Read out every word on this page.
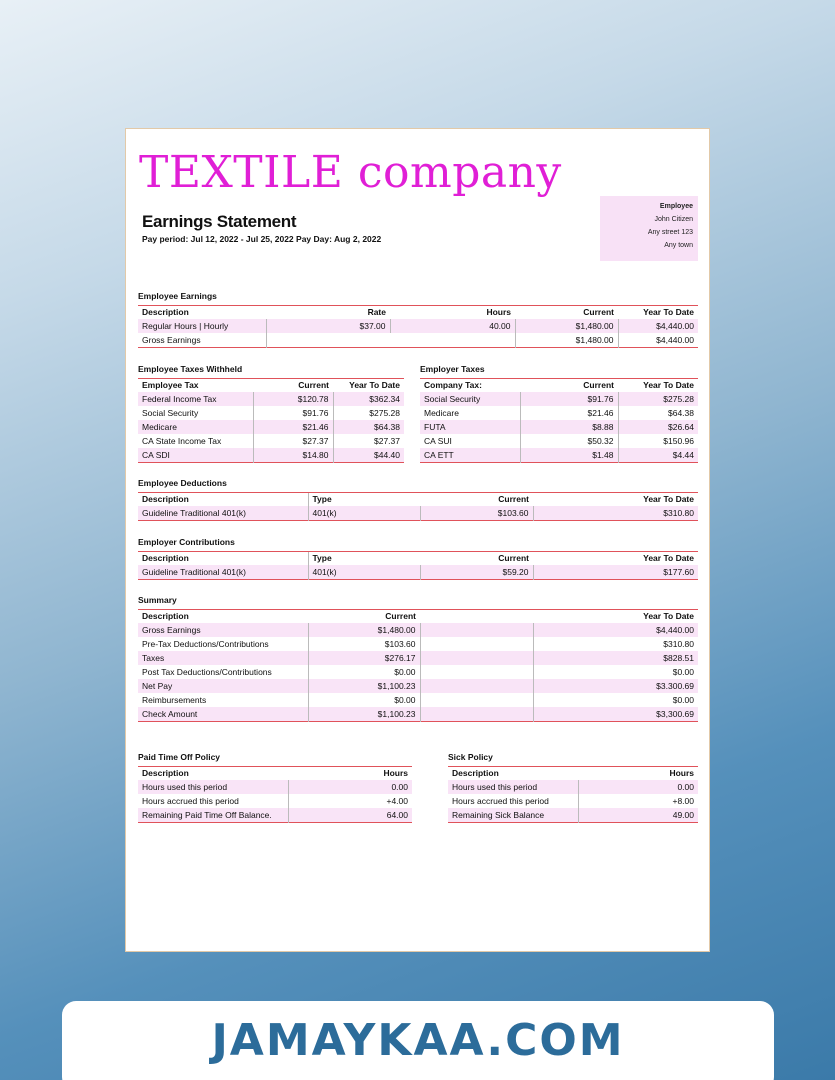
TEXTILE company
Earnings Statement
Pay period: Jul 12, 2022 - Jul 25, 2022 Pay Day: Aug 2, 2022
Employee
John Citizen
Any street 123
Any town
Employee Earnings
Description	Rate	Hours	Current	Year To Date
Regular Hours | Hourly	$37.00	40.00	$1,480.00	$4,440.00
Gross Earnings			$1,480.00	$4,440.00
Employee Taxes Withheld
Employee Tax	Current	Year To Date
Federal Income Tax	$120.78	$362.34
Social Security	$91.76	$275.28
Medicare	$21.46	$64.38
CA State Income Tax	$27.37	$27.37
CA SDI	$14.80	$44.40
Employer Taxes
Company Tax:	Current	Year To Date
Social Security	$91.76	$275.28
Medicare	$21.46	$64.38
FUTA	$8.88	$26.64
CA SUI	$50.32	$150.96
CA ETT	$1.48	$4.44
Employee Deductions
Description	Type	Current	Year To Date
Guideline Traditional 401(k)	401(k)	$103.60	$310.80
Employer Contributions
Description	Type	Current	Year To Date
Guideline Traditional 401(k)	401(k)	$59.20	$177.60
Summary
Description	Current		Year To Date
Gross Earnings	$1,480.00		$4,440.00
Pre-Tax Deductions/Contributions	$103.60		$310.80
Taxes	$276.17		$828.51
Post Tax Deductions/Contributions	$0.00		$0.00
Net Pay	$1,100.23		$3.300.69
Reimbursements	$0.00		$0.00
Check Amount	$1,100.23		$3,300.69
Paid Time Off Policy
Description	Hours
Hours used this period	0.00
Hours accrued this period	+4.00
Remaining Paid Time Off Balance.	64.00
Sick Policy
Description	Hours
Hours used this period	0.00
Hours accrued this period	+8.00
Remaining Sick Balance	49.00
JAMAYKAA.COM
